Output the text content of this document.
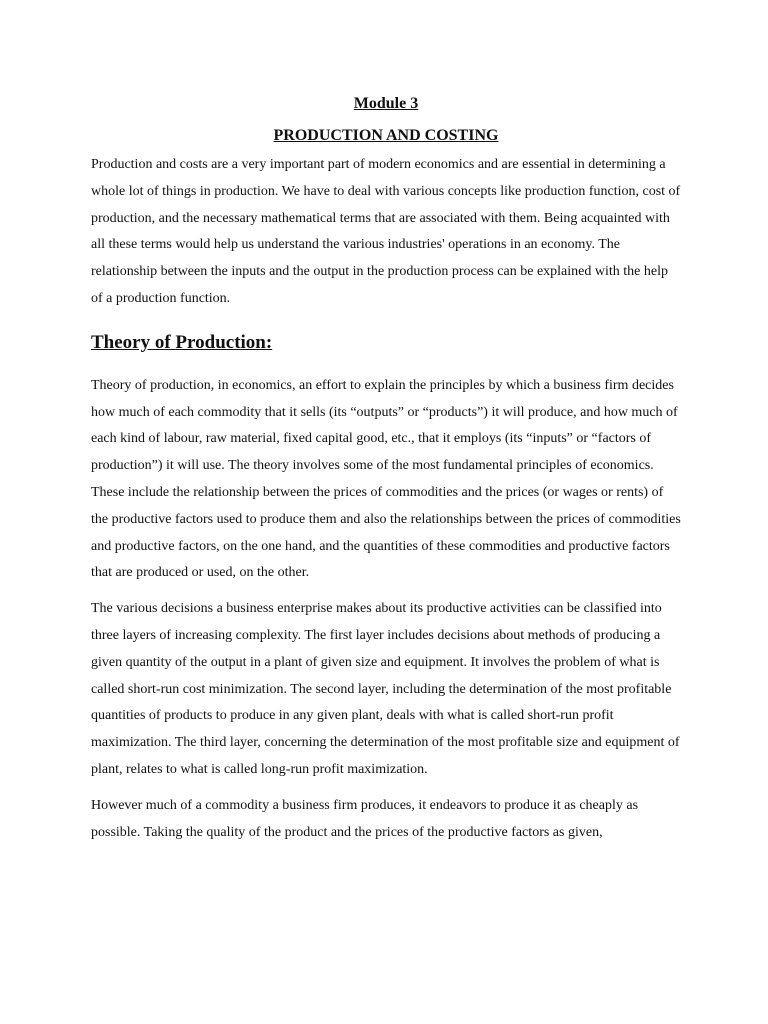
Module 3
PRODUCTION AND COSTING

Production and costs are a very important part of modern economics and are essential in determining a whole lot of things in production. We have to deal with various concepts like production function, cost of production, and the necessary mathematical terms that are associated with them. Being acquainted with all these terms would help us understand the various industries' operations in an economy. The relationship between the inputs and the output in the production process can be explained with the help of a production function.

Theory of Production:

Theory of production, in economics, an effort to explain the principles by which a business firm decides how much of each commodity that it sells (its “outputs” or “products”) it will produce, and how much of each kind of labour, raw material, fixed capital good, etc., that it employs (its “inputs” or “factors of production”) it will use. The theory involves some of the most fundamental principles of economics. These include the relationship between the prices of commodities and the prices (or wages or rents) of the productive factors used to produce them and also the relationships between the prices of commodities and productive factors, on the one hand, and the quantities of these commodities and productive factors that are produced or used, on the other.

The various decisions a business enterprise makes about its productive activities can be classified into three layers of increasing complexity. The first layer includes decisions about methods of producing a given quantity of the output in a plant of given size and equipment. It involves the problem of what is called short-run cost minimization. The second layer, including the determination of the most profitable quantities of products to produce in any given plant, deals with what is called short-run profit maximization. The third layer, concerning the determination of the most profitable size and equipment of plant, relates to what is called long-run profit maximization.

However much of a commodity a business firm produces, it endeavors to produce it as cheaply as possible. Taking the quality of the product and the prices of the productive factors as given,
